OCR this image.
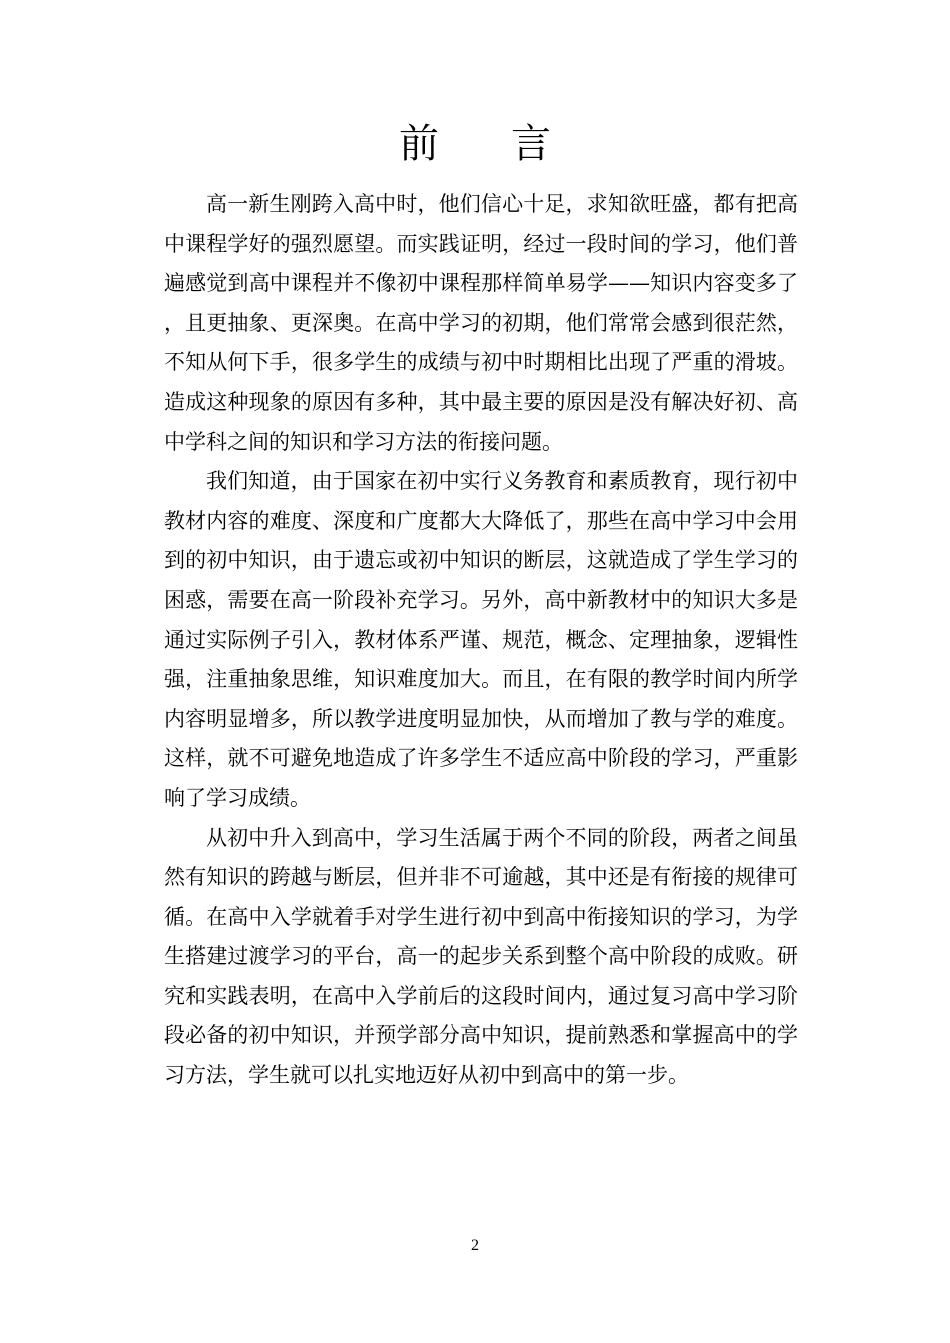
前言

高一新生刚跨入高中时，他们信心十足，求知欲旺盛，都有把高中课程学好的强烈愿望。而实践证明，经过一段时间的学习，他们普遍感觉到高中课程并不像初中课程那样简单易学——知识内容变多了，且更抽象、更深奥。在高中学习的初期，他们常常会感到很茫然，不知从何下手，很多学生的成绩与初中时期相比出现了严重的滑坡。造成这种现象的原因有多种，其中最主要的原因是没有解决好初、高中学科之间的知识和学习方法的衔接问题。

我们知道，由于国家在初中实行义务教育和素质教育，现行初中教材内容的难度、深度和广度都大大降低了，那些在高中学习中会用到的初中知识，由于遗忘或初中知识的断层，这就造成了学生学习的困惑，需要在高一阶段补充学习。另外，高中新教材中的知识大多是通过实际例子引入，教材体系严谨、规范，概念、定理抽象，逻辑性强，注重抽象思维，知识难度加大。而且，在有限的教学时间内所学内容明显增多，所以教学进度明显加快，从而增加了教与学的难度。这样，就不可避免地造成了许多学生不适应高中阶段的学习，严重影响了学习成绩。

从初中升入到高中，学习生活属于两个不同的阶段，两者之间虽然有知识的跨越与断层，但并非不可逾越，其中还是有衔接的规律可循。在高中入学就着手对学生进行初中到高中衔接知识的学习，为学生搭建过渡学习的平台，高一的起步关系到整个高中阶段的成败。研究和实践表明，在高中入学前后的这段时间内，通过复习高中学习阶段必备的初中知识，并预学部分高中知识，提前熟悉和掌握高中的学习方法，学生就可以扎实地迈好从初中到高中的第一步。

2
